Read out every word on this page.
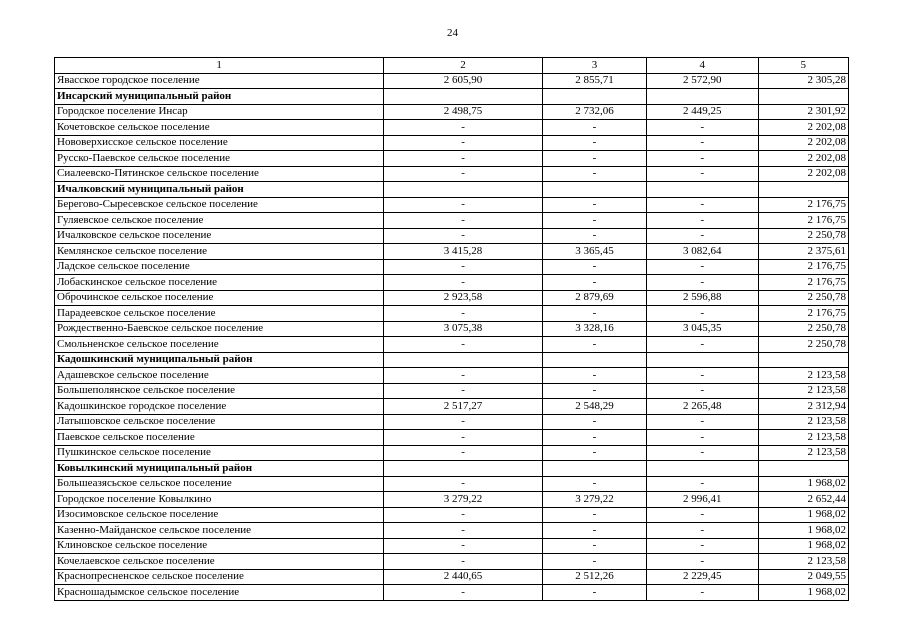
24
1	2	3	4	5
Явасское городское поселение	2 605,90	2 855,71	2 572,90	2 305,28
Инсарский муниципальный район				
Городское поселение Инсар	2 498,75	2 732,06	2 449,25	2 301,92
Кочетовское сельское поселение	-	-	-	2 202,08
Нововерхисское сельское поселение	-	-	-	2 202,08
Русско-Паевское сельское поселение	-	-	-	2 202,08
Сиалеевско-Пятинское сельское поселение	-	-	-	2 202,08
Ичалковский муниципальный район				
Берегово-Сыресевское сельское поселение	-	-	-	2 176,75
Гуляевское сельское поселение	-	-	-	2 176,75
Ичалковское сельское поселение	-	-	-	2 250,78
Кемлянское сельское поселение	3 415,28	3 365,45	3 082,64	2 375,61
Ладское сельское поселение	-	-	-	2 176,75
Лобаскинское сельское поселение	-	-	-	2 176,75
Оброчинское сельское поселение	2 923,58	2 879,69	2 596,88	2 250,78
Парадеевское сельское поселение	-	-	-	2 176,75
Рождественно-Баевское сельское поселение	3 075,38	3 328,16	3 045,35	2 250,78
Смольненское сельское поселение	-	-	-	2 250,78
Кадошкинский муниципальный район				
Адашевское сельское поселение	-	-	-	2 123,58
Большеполянское сельское поселение	-	-	-	2 123,58
Кадошкинское городское поселение	2 517,27	2 548,29	2 265,48	2 312,94
Латышовское сельское поселение	-	-	-	2 123,58
Паевское сельское поселение	-	-	-	2 123,58
Пушкинское сельское поселение	-	-	-	2 123,58
Ковылкинский муниципальный район				
Большеазясьское сельское поселение	-	-	-	1 968,02
Городское поселение Ковылкино	3 279,22	3 279,22	2 996,41	2 652,44
Изосимовское сельское поселение	-	-	-	1 968,02
Казенно-Майданское сельское поселение	-	-	-	1 968,02
Клиновское сельское поселение	-	-	-	1 968,02
Кочелаевское сельское поселение	-	-	-	2 123,58
Краснопресненское сельское поселение	2 440,65	2 512,26	2 229,45	2 049,55
Красношадымское сельское поселение	-	-	-	1 968,02
